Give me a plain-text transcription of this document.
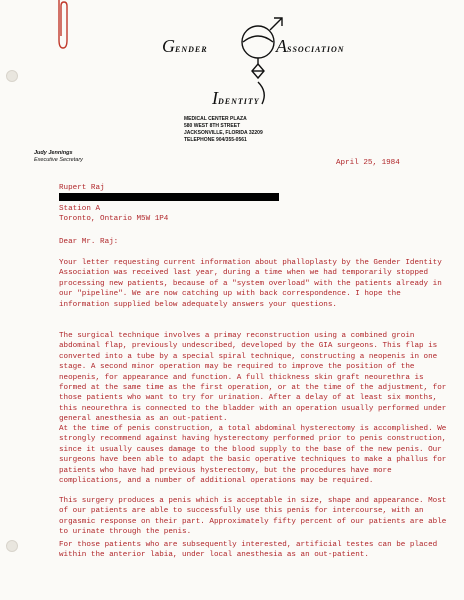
GENDER	ASSOCIATION
IDENTITY
MEDICAL CENTER PLAZA
580 WEST 8TH STREET
JACKSONVILLE, FLORIDA 32209
TELEPHONE 904/355-0561
Judy Jennings
Executive Secretary	April 25, 1984
Rupert Raj
Station A
Toronto, Ontario M5W 1P4
Dear Mr. Raj:

Your letter requesting current information about phalloplasty by the Gender Identity Association was received last year, during a time when we had temporarily stopped processing new patients, because of a "system overload" with the patients already in our "pipeline". We are now catching up with back correspondence. I hope the information supplied below adequately answers your questions.

The surgical technique involves a primay reconstruction using a combined groin abdominal flap, previously undescribed, developed by the GIA surgeons. This flap is converted into a tube by a special spiral technique, constructing a neopenis in one stage. A second minor operation may be required to improve the position of the neopenis, for appearance and function. A full thickness skin graft neourethra is formed at the same time as the first operation, or at the time of the adjustment, for those patients who want to try for urination. After a delay of at least six months, this neourethra is connected to the bladder with an operation usually performed under general anesthesia as an out-patient.

At the time of penis construction, a total abdominal hysterectomy is accomplished. We strongly recommend against having hysterectomy performed prior to penis construction, since it usually causes damage to the blood supply to the base of the new penis. Our surgeons have been able to adapt the basic operative techniques to make a phallus for patients who have had previous hysterectomy, but the procedures have more complications, and a number of additional operations may be required.

This surgery produces a penis which is acceptable in size, shape and appearance. Most of our patients are able to successfully use this penis for intercourse, with an orgasmic response on their part. Approximately fifty percent of our patients are able to urinate through the penis.

For those patients who are subsequently interested, artificial testes can be placed within the anterior labia, under local anesthesia as an out-patient.
